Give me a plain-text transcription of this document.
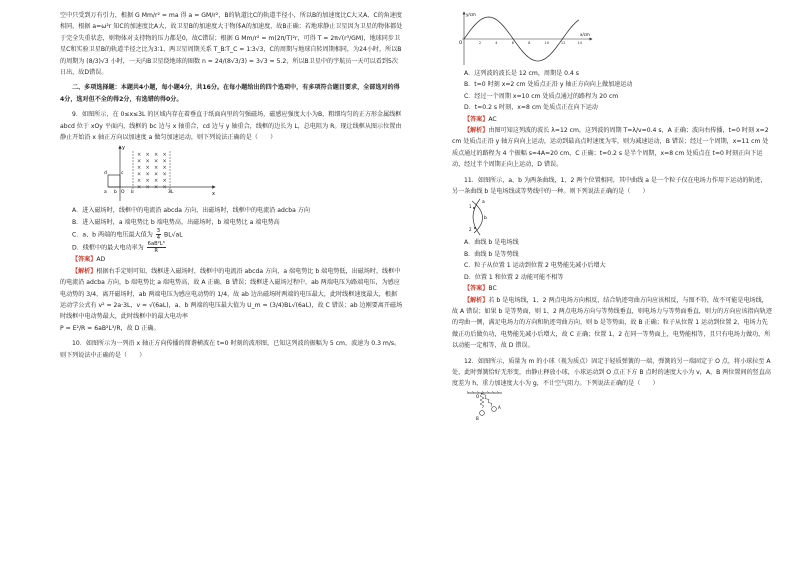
空中只受到万有引力，根据 G Mm/r² = ma 得 a = GM/r²，B的轨道比C的轨道半径小，所以B的加速度比C大又A、C的角速度相同，根据 a=ω²r 知C的加速度比A大，故卫星B的加速度大于物体A的加速度，故B正确；若地球静止卫星因为卫星的物体都处于完全失重状态，则物体对支持物的压力都是0，故C错误；根据 G Mm/r² = m(2π/T)²r，可得 T = 2π√(r³/GM)，地球同步卫星C和实验卫星B的轨道半径之比为3∶1，两卫星周期关系 T_B∶T_C = 1∶3√3，C的周期与地球自转周期相同，为24小时，所以B的周期为 (8/3)√3 小时，一天内B卫星绕地球的圈数 n = 24/(8√3/3) = 3√3 ≈ 5.2，所以B卫星中的宇航员一天可以看到5次日出，故D错误。

二、多项选择题：本题共4小题，每小题4分，共16分。在每小题给出的四个选项中，有多项符合题目要求，全部选对的得4分，选对但不全的得2分，有选错的得0分。

9．如图所示，在 0≤x≤3L 的区域内存在着垂直于纸面向里的匀强磁场，磁感应强度大小为B，粗细均匀的正方形金属线框 abcd 位于 xOy 平面内，线框的 bc 边与 x 轴重合，cd 边与 y 轴重合，线框的边长为 L，总电阻为 R。现让线框从图示位置由静止开始沿 x 轴正方向以加速度 a 做匀加速运动，则下列说法正确的是（　　）

× × × ×
× × × ×
× × × ×
× × × ×
× × × ×
× × × ×
y
x
d	c
a b O L	3L

A．进入磁场时，线框中的电流沿 abcda 方向，出磁场时，线框中的电流沿 adcba 方向

B．进入磁场时，a 端电势比 b 端电势高，出磁场时，b 端电势比 a 端电势高

C．a、b 两端的电压最大值为 $\frac{3}{4} BL√aL$

D．线框中的最大电功率为 $\frac{\text{6aB²L³}}{R}$

【答案】AD

【解析】根据右手定则可知，线框进入磁场时，线框中的电流沿 abcda 方向，a 端电势比 b 端电势低，出磁场时，线框中的电流沿 adcba 方向，b 端电势比 a 端电势高，故 A 正确、B 错误；线框进入磁场过程中，ab 两端电压为路端电压，为感应电动势的 3/4，离开磁场时，ab 两端电压为感应电动势的 1/4，故 ab 边出磁场时两端的电压最大，此时线框速度最大，根据运动学公式有 v² = 2a·3L，v = √(6aL)，a、b 两端的电压最大值为 U_m = (3/4)BL√(6aL)，故 C 错误；ab 边刚要离开磁场时线框中电动势最大，此时线框中的最大电功率

P = E²/R = 6aB²L³/R，故 D 正确。

10．如图所示为一列沿 x 轴正方向传播的简谐横波在 t=0 时刻的波形图，已知这列波的振幅为 5 cm，波速为 0.3 m/s。则下列说法中正确的是（　　）

2	4	6	8	10	12	14
y/cm
x/cm
O

A．这列波的波长是 12 cm，周期是 0.4 s

B．t=0 时刻 x=2 cm 处质点正沿 y 轴正方向向上做加速运动

C．经过一个周期 x=10 cm 处质点通过的路程为 20 cm

D．t=0.2 s 时刻，x=8 cm 处质点正在向下运动

【答案】AC

【解析】由图可知这列波的波长 λ=12 cm，这列波的周期 T=λ/v=0.4 s，A 正确；波向右传播，t=0 时刻 x=2 cm 处质点正沿 y 轴方向向上运动，运动到最高点时速度为零，则为减速运动，B 错误；经过一个周期，x=11 cm 处质点通过的路程为 4 个振幅 s=4A=20 cm，C 正确；t=0.2 s 是半个周期，x=8 cm 处质点在 t=0 时刻正向下运动，经过半个周期正向上运动，D 错误。

11．如图所示，a、b 为两条曲线，1、2 两个位置相同，其中曲线 a 是一个粒子仅在电场力作用下运动的轨迹，另一条曲线 b 是电场线或等势线中的一种。则下列说法正确的是（　　）

a
b
1
2

A．曲线 b 是电场线

B．曲线 b 是等势线

C．粒子从位置 1 运动到位置 2 电势能先减小后增大

D．位置 1 和位置 2 动能可能不相等

【答案】BC

【解析】若 b 是电场线，1、2 两点电场方向相反，结合轨迹弯曲方向应该相反，与图不符，故不可能是电场线，故 A 错误；如果 b 是等势面，则 1、2 两点电场方向与等势线垂直，则电场力与等势面垂直，则力的方向应该指向轨迹的弯曲一侧，满足电场力的方向和轨迹弯曲方向，则 b 是等势面，故 B 正确；粒子从位置 1 运动到位置 2，电场力先做正功后做负功，电势能先减小后增大，故 C 正确；位置 1、2 在同一等势面上，电势能相等，且只有电场力做功，所以动能一定相等，故 D 错误。

12．如图所示，质量为 m 的小球（视为质点）固定于轻质弹簧的一端，弹簧的另一端固定于 O 点，将小球拉至 A 处，此时弹簧恰好无形变，由静止释放小球，小球运动到 O 点正下方 B 点时的速度大小为 v，A、B 两位置间的竖直高度差为 h，重力加速度大小为 g，不计空气阻力。下列说法正确的是（　　）

O
A
B
